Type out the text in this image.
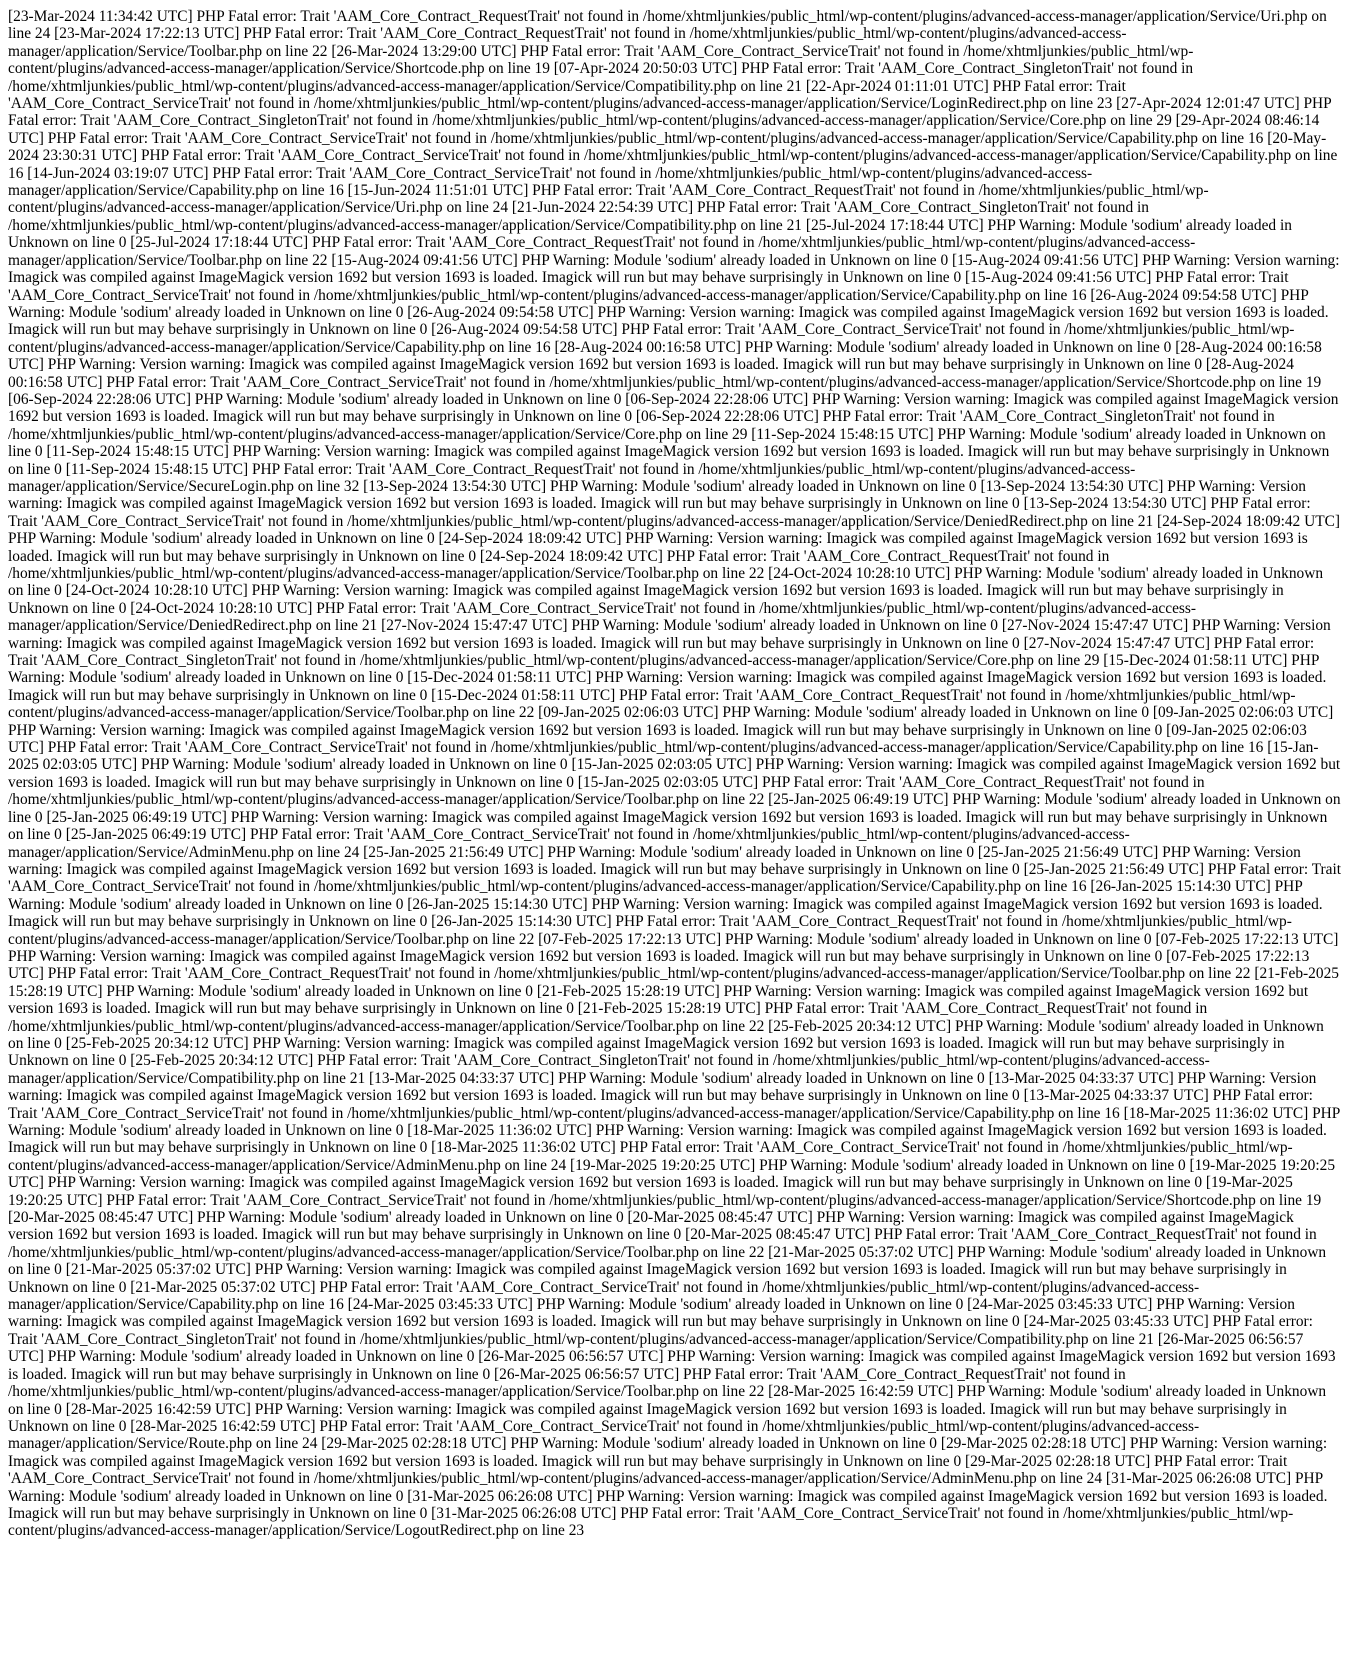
[23-Mar-2024 11:34:42 UTC] PHP Fatal error: Trait 'AAM_Core_Contract_RequestTrait' not found in /home/xhtmljunkies/public_html/wp-content/plugins/advanced-access-manager/application/Service/Uri.php on line 24 [23-Mar-2024 17:22:13 UTC] PHP Fatal error: Trait 'AAM_Core_Contract_RequestTrait' not found in /home/xhtmljunkies/public_html/wp-content/plugins/advanced-access-manager/application/Service/Toolbar.php on line 22 [26-Mar-2024 13:29:00 UTC] PHP Fatal error: Trait 'AAM_Core_Contract_ServiceTrait' not found in /home/xhtmljunkies/public_html/wp-content/plugins/advanced-access-manager/application/Service/Shortcode.php on line 19 [07-Apr-2024 20:50:03 UTC] PHP Fatal error: Trait 'AAM_Core_Contract_SingletonTrait' not found in /home/xhtmljunkies/public_html/wp-content/plugins/advanced-access-manager/application/Service/Compatibility.php on line 21 [22-Apr-2024 01:11:01 UTC] PHP Fatal error: Trait 'AAM_Core_Contract_ServiceTrait' not found in /home/xhtmljunkies/public_html/wp-content/plugins/advanced-access-manager/application/Service/LoginRedirect.php on line 23 [27-Apr-2024 12:01:47 UTC] PHP Fatal error: Trait 'AAM_Core_Contract_SingletonTrait' not found in /home/xhtmljunkies/public_html/wp-content/plugins/advanced-access-manager/application/Service/Core.php on line 29 [29-Apr-2024 08:46:14 UTC] PHP Fatal error: Trait 'AAM_Core_Contract_ServiceTrait' not found in /home/xhtmljunkies/public_html/wp-content/plugins/advanced-access-manager/application/Service/Capability.php on line 16 [20-May-2024 23:30:31 UTC] PHP Fatal error: Trait 'AAM_Core_Contract_ServiceTrait' not found in /home/xhtmljunkies/public_html/wp-content/plugins/advanced-access-manager/application/Service/Capability.php on line 16 [14-Jun-2024 03:19:07 UTC] PHP Fatal error: Trait 'AAM_Core_Contract_ServiceTrait' not found in /home/xhtmljunkies/public_html/wp-content/plugins/advanced-access-manager/application/Service/Capability.php on line 16 [15-Jun-2024 11:51:01 UTC] PHP Fatal error: Trait 'AAM_Core_Contract_RequestTrait' not found in /home/xhtmljunkies/public_html/wp-content/plugins/advanced-access-manager/application/Service/Uri.php on line 24 [21-Jun-2024 22:54:39 UTC] PHP Fatal error: Trait 'AAM_Core_Contract_SingletonTrait' not found in /home/xhtmljunkies/public_html/wp-content/plugins/advanced-access-manager/application/Service/Compatibility.php on line 21 [25-Jul-2024 17:18:44 UTC] PHP Warning: Module 'sodium' already loaded in Unknown on line 0 [25-Jul-2024 17:18:44 UTC] PHP Fatal error: Trait 'AAM_Core_Contract_RequestTrait' not found in /home/xhtmljunkies/public_html/wp-content/plugins/advanced-access-manager/application/Service/Toolbar.php on line 22 [15-Aug-2024 09:41:56 UTC] PHP Warning: Module 'sodium' already loaded in Unknown on line 0 [15-Aug-2024 09:41:56 UTC] PHP Warning: Version warning: Imagick was compiled against ImageMagick version 1692 but version 1693 is loaded. Imagick will run but may behave surprisingly in Unknown on line 0 [15-Aug-2024 09:41:56 UTC] PHP Fatal error: Trait 'AAM_Core_Contract_ServiceTrait' not found in /home/xhtmljunkies/public_html/wp-content/plugins/advanced-access-manager/application/Service/Capability.php on line 16 [26-Aug-2024 09:54:58 UTC] PHP Warning: Module 'sodium' already loaded in Unknown on line 0 [26-Aug-2024 09:54:58 UTC] PHP Warning: Version warning: Imagick was compiled against ImageMagick version 1692 but version 1693 is loaded. Imagick will run but may behave surprisingly in Unknown on line 0 [26-Aug-2024 09:54:58 UTC] PHP Fatal error: Trait 'AAM_Core_Contract_ServiceTrait' not found in /home/xhtmljunkies/public_html/wp-content/plugins/advanced-access-manager/application/Service/Capability.php on line 16 [28-Aug-2024 00:16:58 UTC] PHP Warning: Module 'sodium' already loaded in Unknown on line 0 [28-Aug-2024 00:16:58 UTC] PHP Warning: Version warning: Imagick was compiled against ImageMagick version 1692 but version 1693 is loaded. Imagick will run but may behave surprisingly in Unknown on line 0 [28-Aug-2024 00:16:58 UTC] PHP Fatal error: Trait 'AAM_Core_Contract_ServiceTrait' not found in /home/xhtmljunkies/public_html/wp-content/plugins/advanced-access-manager/application/Service/Shortcode.php on line 19 [06-Sep-2024 22:28:06 UTC] PHP Warning: Module 'sodium' already loaded in Unknown on line 0 [06-Sep-2024 22:28:06 UTC] PHP Warning: Version warning: Imagick was compiled against ImageMagick version 1692 but version 1693 is loaded. Imagick will run but may behave surprisingly in Unknown on line 0 [06-Sep-2024 22:28:06 UTC] PHP Fatal error: Trait 'AAM_Core_Contract_SingletonTrait' not found in /home/xhtmljunkies/public_html/wp-content/plugins/advanced-access-manager/application/Service/Core.php on line 29 [11-Sep-2024 15:48:15 UTC] PHP Warning: Module 'sodium' already loaded in Unknown on line 0 [11-Sep-2024 15:48:15 UTC] PHP Warning: Version warning: Imagick was compiled against ImageMagick version 1692 but version 1693 is loaded. Imagick will run but may behave surprisingly in Unknown on line 0 [11-Sep-2024 15:48:15 UTC] PHP Fatal error: Trait 'AAM_Core_Contract_RequestTrait' not found in /home/xhtmljunkies/public_html/wp-content/plugins/advanced-access-manager/application/Service/SecureLogin.php on line 32 [13-Sep-2024 13:54:30 UTC] PHP Warning: Module 'sodium' already loaded in Unknown on line 0 [13-Sep-2024 13:54:30 UTC] PHP Warning: Version warning: Imagick was compiled against ImageMagick version 1692 but version 1693 is loaded. Imagick will run but may behave surprisingly in Unknown on line 0 [13-Sep-2024 13:54:30 UTC] PHP Fatal error: Trait 'AAM_Core_Contract_ServiceTrait' not found in /home/xhtmljunkies/public_html/wp-content/plugins/advanced-access-manager/application/Service/DeniedRedirect.php on line 21 [24-Sep-2024 18:09:42 UTC] PHP Warning: Module 'sodium' already loaded in Unknown on line 0 [24-Sep-2024 18:09:42 UTC] PHP Warning: Version warning: Imagick was compiled against ImageMagick version 1692 but version 1693 is loaded. Imagick will run but may behave surprisingly in Unknown on line 0 [24-Sep-2024 18:09:42 UTC] PHP Fatal error: Trait 'AAM_Core_Contract_RequestTrait' not found in /home/xhtmljunkies/public_html/wp-content/plugins/advanced-access-manager/application/Service/Toolbar.php on line 22 [24-Oct-2024 10:28:10 UTC] PHP Warning: Module 'sodium' already loaded in Unknown on line 0 [24-Oct-2024 10:28:10 UTC] PHP Warning: Version warning: Imagick was compiled against ImageMagick version 1692 but version 1693 is loaded. Imagick will run but may behave surprisingly in Unknown on line 0 [24-Oct-2024 10:28:10 UTC] PHP Fatal error: Trait 'AAM_Core_Contract_ServiceTrait' not found in /home/xhtmljunkies/public_html/wp-content/plugins/advanced-access-manager/application/Service/DeniedRedirect.php on line 21 [27-Nov-2024 15:47:47 UTC] PHP Warning: Module 'sodium' already loaded in Unknown on line 0 [27-Nov-2024 15:47:47 UTC] PHP Warning: Version warning: Imagick was compiled against ImageMagick version 1692 but version 1693 is loaded. Imagick will run but may behave surprisingly in Unknown on line 0 [27-Nov-2024 15:47:47 UTC] PHP Fatal error: Trait 'AAM_Core_Contract_SingletonTrait' not found in /home/xhtmljunkies/public_html/wp-content/plugins/advanced-access-manager/application/Service/Core.php on line 29 [15-Dec-2024 01:58:11 UTC] PHP Warning: Module 'sodium' already loaded in Unknown on line 0 [15-Dec-2024 01:58:11 UTC] PHP Warning: Version warning: Imagick was compiled against ImageMagick version 1692 but version 1693 is loaded. Imagick will run but may behave surprisingly in Unknown on line 0 [15-Dec-2024 01:58:11 UTC] PHP Fatal error: Trait 'AAM_Core_Contract_RequestTrait' not found in /home/xhtmljunkies/public_html/wp-content/plugins/advanced-access-manager/application/Service/Toolbar.php on line 22 [09-Jan-2025 02:06:03 UTC] PHP Warning: Module 'sodium' already loaded in Unknown on line 0 [09-Jan-2025 02:06:03 UTC] PHP Warning: Version warning: Imagick was compiled against ImageMagick version 1692 but version 1693 is loaded. Imagick will run but may behave surprisingly in Unknown on line 0 [09-Jan-2025 02:06:03 UTC] PHP Fatal error: Trait 'AAM_Core_Contract_ServiceTrait' not found in /home/xhtmljunkies/public_html/wp-content/plugins/advanced-access-manager/application/Service/Capability.php on line 16 [15-Jan-2025 02:03:05 UTC] PHP Warning: Module 'sodium' already loaded in Unknown on line 0 [15-Jan-2025 02:03:05 UTC] PHP Warning: Version warning: Imagick was compiled against ImageMagick version 1692 but version 1693 is loaded. Imagick will run but may behave surprisingly in Unknown on line 0 [15-Jan-2025 02:03:05 UTC] PHP Fatal error: Trait 'AAM_Core_Contract_RequestTrait' not found in /home/xhtmljunkies/public_html/wp-content/plugins/advanced-access-manager/application/Service/Toolbar.php on line 22 [25-Jan-2025 06:49:19 UTC] PHP Warning: Module 'sodium' already loaded in Unknown on line 0 [25-Jan-2025 06:49:19 UTC] PHP Warning: Version warning: Imagick was compiled against ImageMagick version 1692 but version 1693 is loaded. Imagick will run but may behave surprisingly in Unknown on line 0 [25-Jan-2025 06:49:19 UTC] PHP Fatal error: Trait 'AAM_Core_Contract_ServiceTrait' not found in /home/xhtmljunkies/public_html/wp-content/plugins/advanced-access-manager/application/Service/AdminMenu.php on line 24 [25-Jan-2025 21:56:49 UTC] PHP Warning: Module 'sodium' already loaded in Unknown on line 0 [25-Jan-2025 21:56:49 UTC] PHP Warning: Version warning: Imagick was compiled against ImageMagick version 1692 but version 1693 is loaded. Imagick will run but may behave surprisingly in Unknown on line 0 [25-Jan-2025 21:56:49 UTC] PHP Fatal error: Trait 'AAM_Core_Contract_ServiceTrait' not found in /home/xhtmljunkies/public_html/wp-content/plugins/advanced-access-manager/application/Service/Capability.php on line 16 [26-Jan-2025 15:14:30 UTC] PHP Warning: Module 'sodium' already loaded in Unknown on line 0 [26-Jan-2025 15:14:30 UTC] PHP Warning: Version warning: Imagick was compiled against ImageMagick version 1692 but version 1693 is loaded. Imagick will run but may behave surprisingly in Unknown on line 0 [26-Jan-2025 15:14:30 UTC] PHP Fatal error: Trait 'AAM_Core_Contract_RequestTrait' not found in /home/xhtmljunkies/public_html/wp-content/plugins/advanced-access-manager/application/Service/Toolbar.php on line 22 [07-Feb-2025 17:22:13 UTC] PHP Warning: Module 'sodium' already loaded in Unknown on line 0 [07-Feb-2025 17:22:13 UTC] PHP Warning: Version warning: Imagick was compiled against ImageMagick version 1692 but version 1693 is loaded. Imagick will run but may behave surprisingly in Unknown on line 0 [07-Feb-2025 17:22:13 UTC] PHP Fatal error: Trait 'AAM_Core_Contract_RequestTrait' not found in /home/xhtmljunkies/public_html/wp-content/plugins/advanced-access-manager/application/Service/Toolbar.php on line 22 [21-Feb-2025 15:28:19 UTC] PHP Warning: Module 'sodium' already loaded in Unknown on line 0 [21-Feb-2025 15:28:19 UTC] PHP Warning: Version warning: Imagick was compiled against ImageMagick version 1692 but version 1693 is loaded. Imagick will run but may behave surprisingly in Unknown on line 0 [21-Feb-2025 15:28:19 UTC] PHP Fatal error: Trait 'AAM_Core_Contract_RequestTrait' not found in /home/xhtmljunkies/public_html/wp-content/plugins/advanced-access-manager/application/Service/Toolbar.php on line 22 [25-Feb-2025 20:34:12 UTC] PHP Warning: Module 'sodium' already loaded in Unknown on line 0 [25-Feb-2025 20:34:12 UTC] PHP Warning: Version warning: Imagick was compiled against ImageMagick version 1692 but version 1693 is loaded. Imagick will run but may behave surprisingly in Unknown on line 0 [25-Feb-2025 20:34:12 UTC] PHP Fatal error: Trait 'AAM_Core_Contract_SingletonTrait' not found in /home/xhtmljunkies/public_html/wp-content/plugins/advanced-access-manager/application/Service/Compatibility.php on line 21 [13-Mar-2025 04:33:37 UTC] PHP Warning: Module 'sodium' already loaded in Unknown on line 0 [13-Mar-2025 04:33:37 UTC] PHP Warning: Version warning: Imagick was compiled against ImageMagick version 1692 but version 1693 is loaded. Imagick will run but may behave surprisingly in Unknown on line 0 [13-Mar-2025 04:33:37 UTC] PHP Fatal error: Trait 'AAM_Core_Contract_ServiceTrait' not found in /home/xhtmljunkies/public_html/wp-content/plugins/advanced-access-manager/application/Service/Capability.php on line 16 [18-Mar-2025 11:36:02 UTC] PHP Warning: Module 'sodium' already loaded in Unknown on line 0 [18-Mar-2025 11:36:02 UTC] PHP Warning: Version warning: Imagick was compiled against ImageMagick version 1692 but version 1693 is loaded. Imagick will run but may behave surprisingly in Unknown on line 0 [18-Mar-2025 11:36:02 UTC] PHP Fatal error: Trait 'AAM_Core_Contract_ServiceTrait' not found in /home/xhtmljunkies/public_html/wp-content/plugins/advanced-access-manager/application/Service/AdminMenu.php on line 24 [19-Mar-2025 19:20:25 UTC] PHP Warning: Module 'sodium' already loaded in Unknown on line 0 [19-Mar-2025 19:20:25 UTC] PHP Warning: Version warning: Imagick was compiled against ImageMagick version 1692 but version 1693 is loaded. Imagick will run but may behave surprisingly in Unknown on line 0 [19-Mar-2025 19:20:25 UTC] PHP Fatal error: Trait 'AAM_Core_Contract_ServiceTrait' not found in /home/xhtmljunkies/public_html/wp-content/plugins/advanced-access-manager/application/Service/Shortcode.php on line 19 [20-Mar-2025 08:45:47 UTC] PHP Warning: Module 'sodium' already loaded in Unknown on line 0 [20-Mar-2025 08:45:47 UTC] PHP Warning: Version warning: Imagick was compiled against ImageMagick version 1692 but version 1693 is loaded. Imagick will run but may behave surprisingly in Unknown on line 0 [20-Mar-2025 08:45:47 UTC] PHP Fatal error: Trait 'AAM_Core_Contract_RequestTrait' not found in /home/xhtmljunkies/public_html/wp-content/plugins/advanced-access-manager/application/Service/Toolbar.php on line 22 [21-Mar-2025 05:37:02 UTC] PHP Warning: Module 'sodium' already loaded in Unknown on line 0 [21-Mar-2025 05:37:02 UTC] PHP Warning: Version warning: Imagick was compiled against ImageMagick version 1692 but version 1693 is loaded. Imagick will run but may behave surprisingly in Unknown on line 0 [21-Mar-2025 05:37:02 UTC] PHP Fatal error: Trait 'AAM_Core_Contract_ServiceTrait' not found in /home/xhtmljunkies/public_html/wp-content/plugins/advanced-access-manager/application/Service/Capability.php on line 16 [24-Mar-2025 03:45:33 UTC] PHP Warning: Module 'sodium' already loaded in Unknown on line 0 [24-Mar-2025 03:45:33 UTC] PHP Warning: Version warning: Imagick was compiled against ImageMagick version 1692 but version 1693 is loaded. Imagick will run but may behave surprisingly in Unknown on line 0 [24-Mar-2025 03:45:33 UTC] PHP Fatal error: Trait 'AAM_Core_Contract_SingletonTrait' not found in /home/xhtmljunkies/public_html/wp-content/plugins/advanced-access-manager/application/Service/Compatibility.php on line 21 [26-Mar-2025 06:56:57 UTC] PHP Warning: Module 'sodium' already loaded in Unknown on line 0 [26-Mar-2025 06:56:57 UTC] PHP Warning: Version warning: Imagick was compiled against ImageMagick version 1692 but version 1693 is loaded. Imagick will run but may behave surprisingly in Unknown on line 0 [26-Mar-2025 06:56:57 UTC] PHP Fatal error: Trait 'AAM_Core_Contract_RequestTrait' not found in /home/xhtmljunkies/public_html/wp-content/plugins/advanced-access-manager/application/Service/Toolbar.php on line 22 [28-Mar-2025 16:42:59 UTC] PHP Warning: Module 'sodium' already loaded in Unknown on line 0 [28-Mar-2025 16:42:59 UTC] PHP Warning: Version warning: Imagick was compiled against ImageMagick version 1692 but version 1693 is loaded. Imagick will run but may behave surprisingly in Unknown on line 0 [28-Mar-2025 16:42:59 UTC] PHP Fatal error: Trait 'AAM_Core_Contract_ServiceTrait' not found in /home/xhtmljunkies/public_html/wp-content/plugins/advanced-access-manager/application/Service/Route.php on line 24 [29-Mar-2025 02:28:18 UTC] PHP Warning: Module 'sodium' already loaded in Unknown on line 0 [29-Mar-2025 02:28:18 UTC] PHP Warning: Version warning: Imagick was compiled against ImageMagick version 1692 but version 1693 is loaded. Imagick will run but may behave surprisingly in Unknown on line 0 [29-Mar-2025 02:28:18 UTC] PHP Fatal error: Trait 'AAM_Core_Contract_ServiceTrait' not found in /home/xhtmljunkies/public_html/wp-content/plugins/advanced-access-manager/application/Service/AdminMenu.php on line 24 [31-Mar-2025 06:26:08 UTC] PHP Warning: Module 'sodium' already loaded in Unknown on line 0 [31-Mar-2025 06:26:08 UTC] PHP Warning: Version warning: Imagick was compiled against ImageMagick version 1692 but version 1693 is loaded. Imagick will run but may behave surprisingly in Unknown on line 0 [31-Mar-2025 06:26:08 UTC] PHP Fatal error: Trait 'AAM_Core_Contract_ServiceTrait' not found in /home/xhtmljunkies/public_html/wp-content/plugins/advanced-access-manager/application/Service/LogoutRedirect.php on line 23
